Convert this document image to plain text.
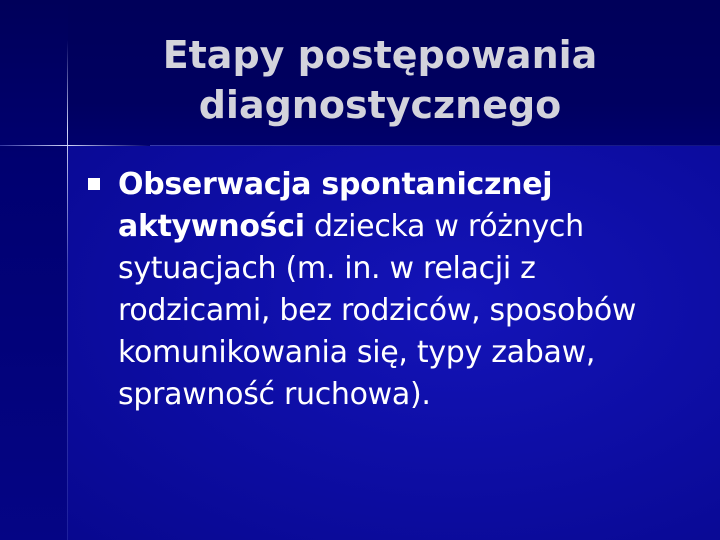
Etapy postępowania
diagnostycznego
Obserwacja spontanicznej aktywności dziecka w różnych sytuacjach (m. in. w relacji z rodzicami, bez rodziców, sposobów komunikowania się, typy zabaw, sprawność ruchowa).
